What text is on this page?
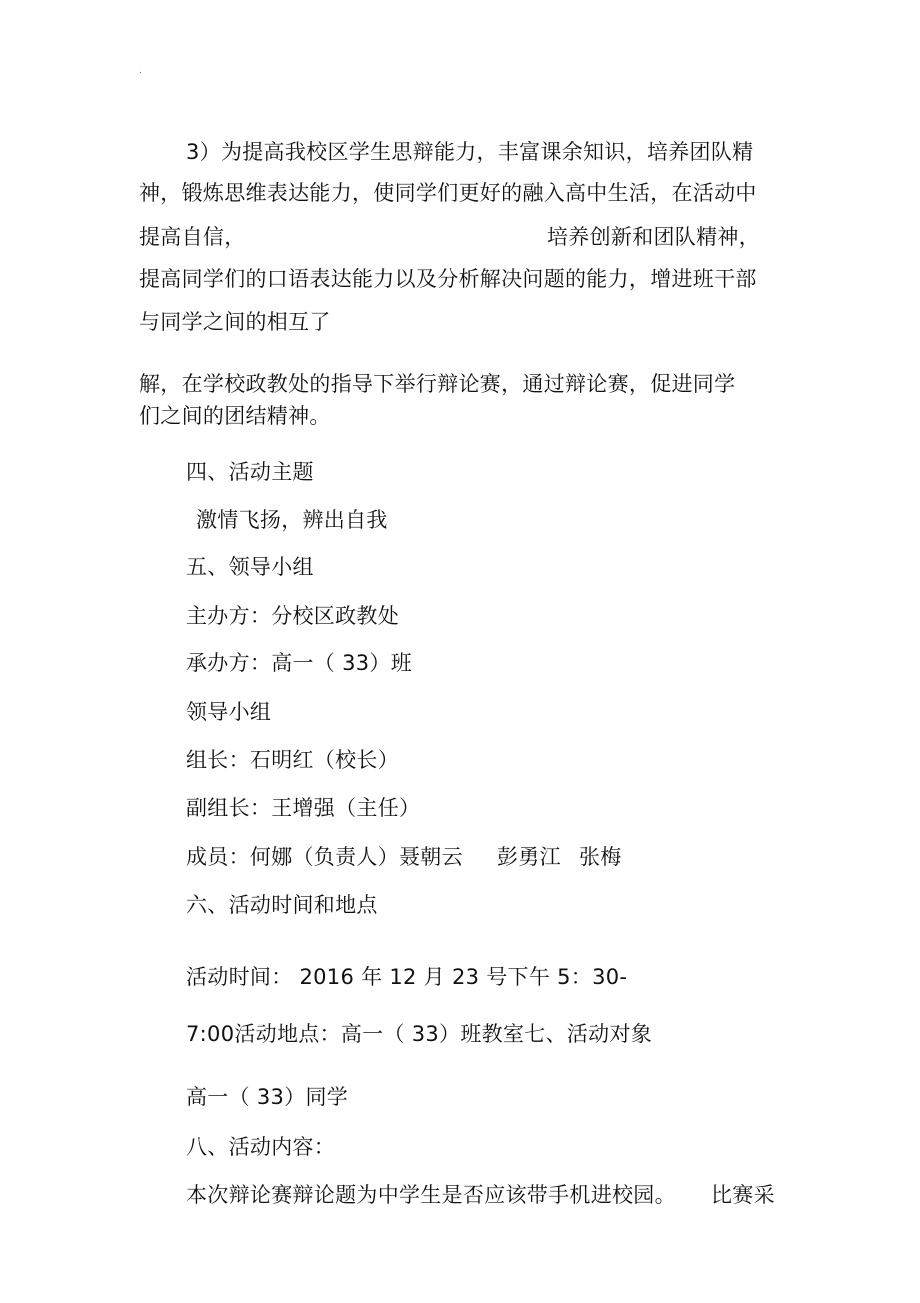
.
3）为提高我校区学生思辩能力，丰富课余知识，培养团队精
神，锻炼思维表达能力，使同学们更好的融入高中生活，在活动中
提高自信，	培养创新和团队精神，
提高同学们的口语表达能力以及分析解决问题的能力，增进班干部
与同学之间的相互了
解，在学校政教处的指导下举行辩论赛，通过辩论赛，促进同学
们之间的团结精神。
四、活动主题
激情飞扬，辨出自我
五、领导小组
主办方：分校区政教处
承办方：高一（ 33）班
领导小组
组长：石明红（校长）
副组长：王增强（主任）
成员：何娜（负责人）聂朝云 彭勇江 张梅
六、活动时间和地点
活动时间： 2016 年 12 月 23 号下午 5：30-
7:00活动地点：高一（ 33）班教室七、活动对象
高一（ 33）同学
八、活动内容：
本次辩论赛辩论题为中学生是否应该带手机进校园。 比赛采
